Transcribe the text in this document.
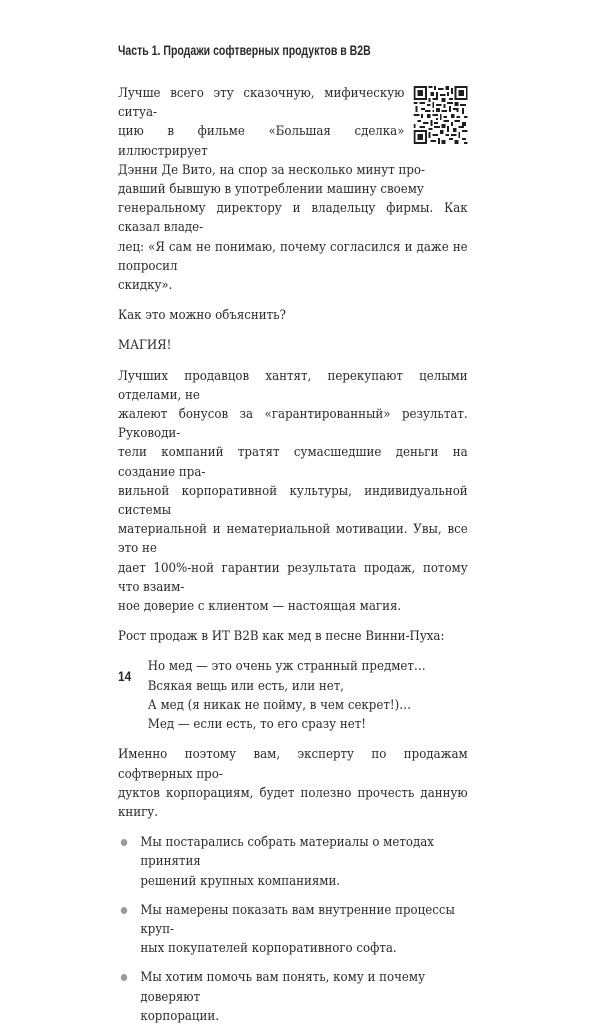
Часть 1. Продажи софтверных продуктов в B2B

Лучше всего эту сказочную, мифическую ситуа-
цию в фильме «Большая сделка» иллюстрирует
Дэнни Де Вито, на спор за несколько минут про-
давший бывшую в употреблении машину своему
генеральному директору и владельцу фирмы. Как сказал владе-
лец: «Я сам не понимаю, почему согласился и даже не попросил
скидку».

Как это можно объяснить?

МАГИЯ!

Лучших продавцов хантят, перекупают целыми отделами, не
жалеют бонусов за «гарантированный» результат. Руководи-
тели компаний тратят сумасшедшие деньги на создание пра-
вильной корпоративной культуры, индивидуальной системы
материальной и нематериальной мотивации. Увы, все это не
дает 100%-ной гарантии результата продаж, потому что взаим-
ное доверие с клиентом — настоящая магия.

Рост продаж в ИТ B2B как мед в песне Винни-Пуха:

Но мед — это очень уж странный предмет…
Всякая вещь или есть, или нет,
А мед (я никак не пойму, в чем секрет!)…
Мед — если есть, то его сразу нет!

Именно поэтому вам, эксперту по продажам софтверных про-
дуктов корпорациям, будет полезно прочесть данную книгу.

Мы постарались собрать материалы о методах принятия
решений крупных компаниями.
Мы намерены показать вам внутренние процессы круп-
ных покупателей корпоративного софта.
Мы хотим помочь вам понять, кому и почему доверяют
корпорации.
14
